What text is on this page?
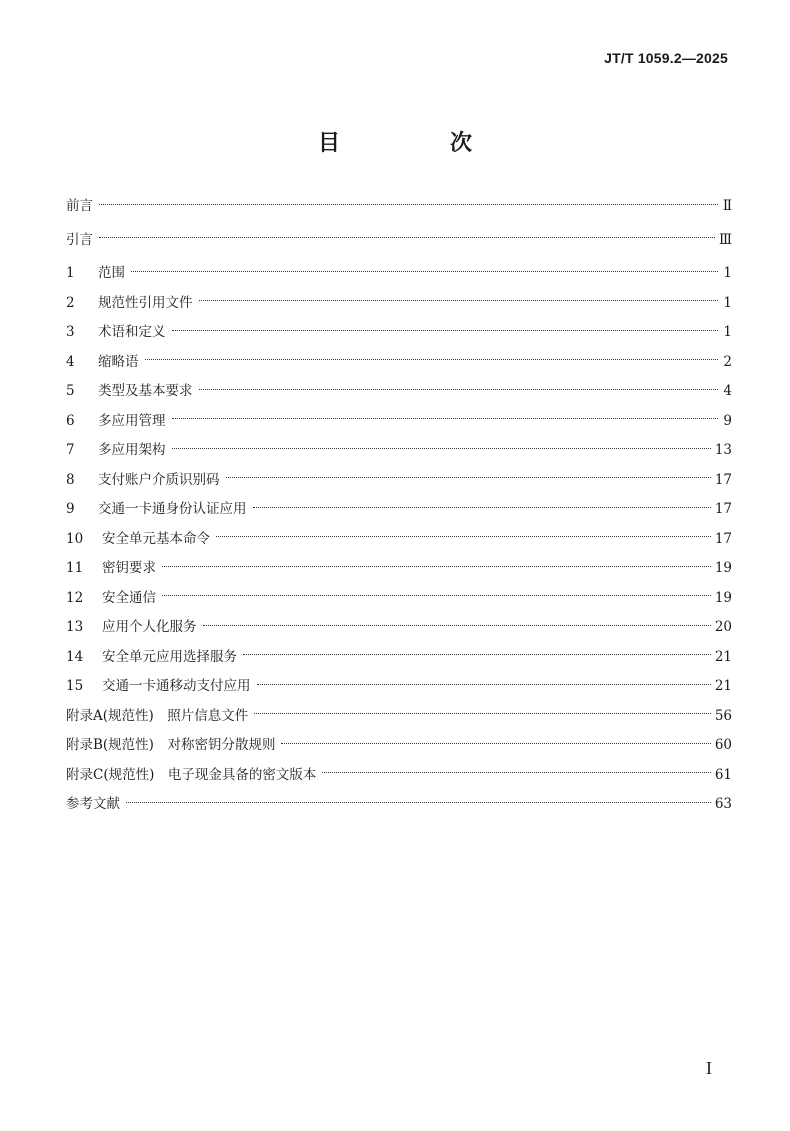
JT/T 1059.2—2025
目　次
前言	Ⅱ
引言	Ⅲ
1	范围	1
2	规范性引用文件	1
3	术语和定义	1
4	缩略语	2
5	类型及基本要求	4
6	多应用管理	9
7	多应用架构	13
8	支付账户介质识别码	17
9	交通一卡通身份认证应用	17
10	安全单元基本命令	17
11	密钥要求	19
12	安全通信	19
13	应用个人化服务	20
14	安全单元应用选择服务	21
15	交通一卡通移动支付应用	21
附录A(规范性)　照片信息文件	56
附录B(规范性)　对称密钥分散规则	60
附录C(规范性)　电子现金具备的密文版本	61
参考文献	63
I
